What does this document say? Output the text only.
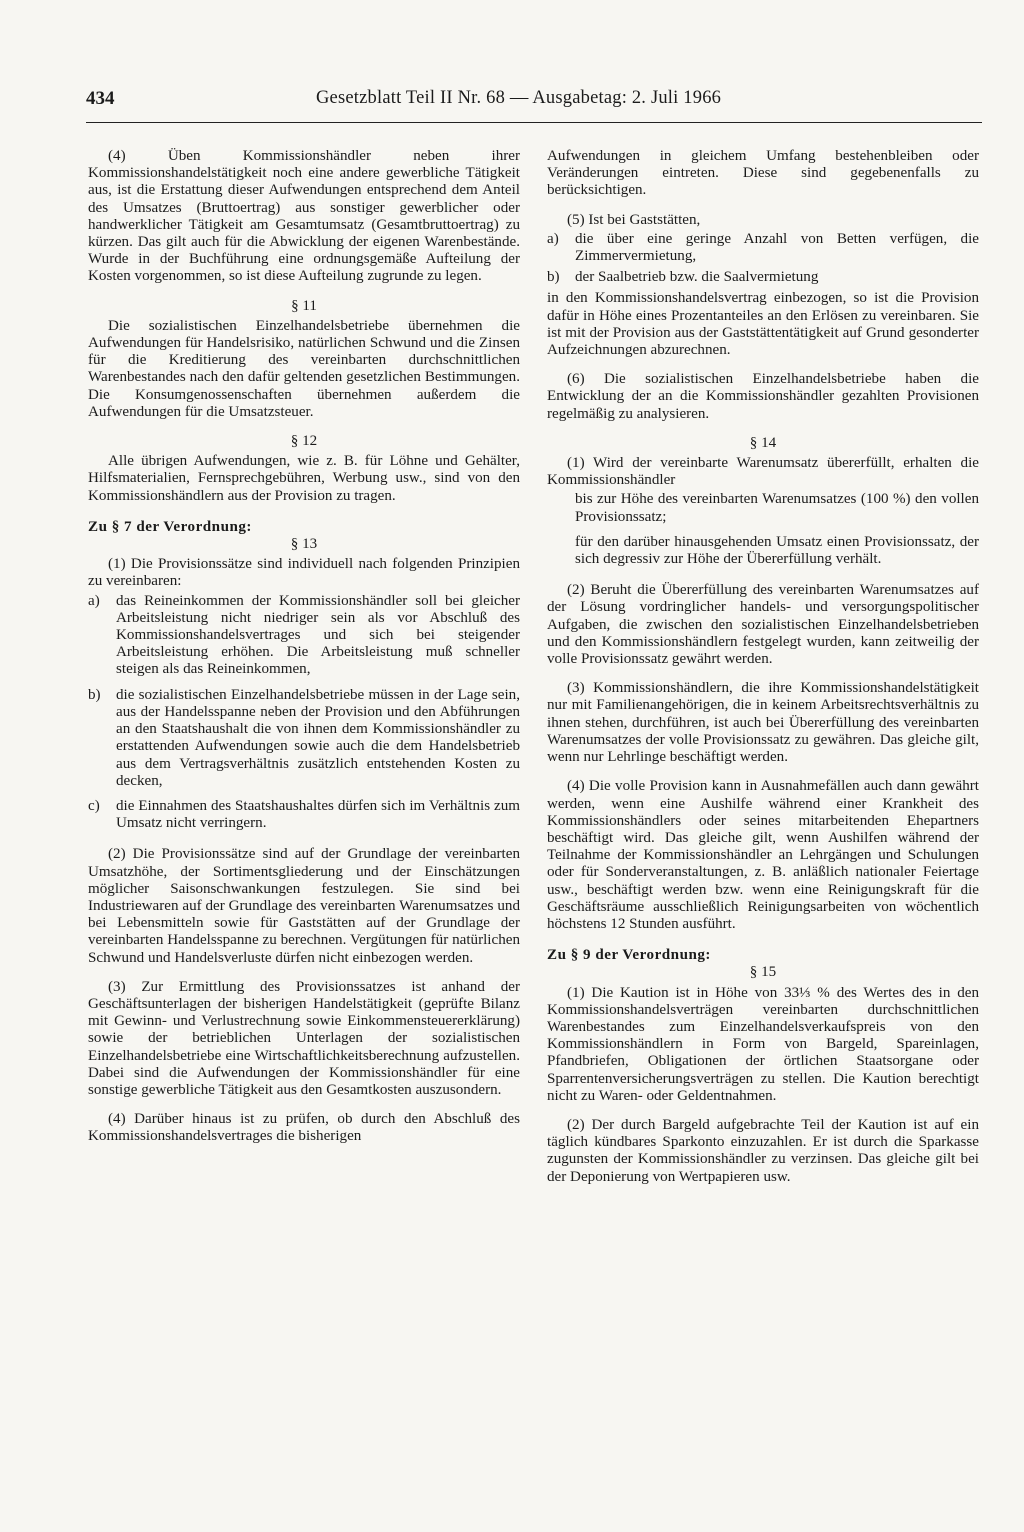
434	Gesetzblatt Teil II Nr. 68 — Ausgabetag: 2. Juli 1966

(4) Üben Kommissionshändler neben ihrer Kommissionshandelstätigkeit noch eine andere gewerbliche Tätigkeit aus, ist die Erstattung dieser Aufwendungen entsprechend dem Anteil des Umsatzes (Bruttoertrag) aus sonstiger gewerblicher oder handwerklicher Tätigkeit am Gesamtumsatz (Gesamtbruttoertrag) zu kürzen. Das gilt auch für die Abwicklung der eigenen Warenbestände. Wurde in der Buchführung eine ordnungsgemäße Aufteilung der Kosten vorgenommen, so ist diese Aufteilung zugrunde zu legen.

§ 11

Die sozialistischen Einzelhandelsbetriebe übernehmen die Aufwendungen für Handelsrisiko, natürlichen Schwund und die Zinsen für die Kreditierung des vereinbarten durchschnittlichen Warenbestandes nach den dafür geltenden gesetzlichen Bestimmungen. Die Konsumgenossenschaften übernehmen außerdem die Aufwendungen für die Umsatzsteuer.

§ 12

Alle übrigen Aufwendungen, wie z. B. für Löhne und Gehälter, Hilfsmaterialien, Fernsprechgebühren, Werbung usw., sind von den Kommissionshändlern aus der Provision zu tragen.

Zu § 7 der Verordnung:
§ 13

(1) Die Provisionssätze sind individuell nach folgenden Prinzipien zu vereinbaren:

a) das Reineinkommen der Kommissionshändler soll bei gleicher Arbeitsleistung nicht niedriger sein als vor Abschluß des Kommissionshandelsvertrages und sich bei steigender Arbeitsleistung erhöhen. Die Arbeitsleistung muß schneller steigen als das Reineinkommen,
b) die sozialistischen Einzelhandelsbetriebe müssen in der Lage sein, aus der Handelsspanne neben der Provision und den Abführungen an den Staatshaushalt die von ihnen dem Kommissionshändler zu erstattenden Aufwendungen sowie auch die dem Handelsbetrieb aus dem Vertragsverhältnis zusätzlich entstehenden Kosten zu decken,
c) die Einnahmen des Staatshaushaltes dürfen sich im Verhältnis zum Umsatz nicht verringern.

(2) Die Provisionssätze sind auf der Grundlage der vereinbarten Umsatzhöhe, der Sortimentsgliederung und der Einschätzungen möglicher Saisonschwankungen festzulegen. Sie sind bei Industriewaren auf der Grundlage des vereinbarten Warenumsatzes und bei Lebensmitteln sowie für Gaststätten auf der Grundlage der vereinbarten Handelsspanne zu berechnen. Vergütungen für natürlichen Schwund und Handelsverluste dürfen nicht einbezogen werden.

(3) Zur Ermittlung des Provisionssatzes ist anhand der Geschäftsunterlagen der bisherigen Handelstätigkeit (geprüfte Bilanz mit Gewinn- und Verlustrechnung sowie Einkommensteuererklärung) sowie der betrieblichen Unterlagen der sozialistischen Einzelhandelsbetriebe eine Wirtschaftlichkeitsberechnung aufzustellen. Dabei sind die Aufwendungen der Kommissionshändler für eine sonstige gewerbliche Tätigkeit aus den Gesamtkosten auszusondern.

(4) Darüber hinaus ist zu prüfen, ob durch den Abschluß des Kommissionshandelsvertrages die bisherigen

Aufwendungen in gleichem Umfang bestehenbleiben oder Veränderungen eintreten. Diese sind gegebenenfalls zu berücksichtigen.

(5) Ist bei Gaststätten,

a) die über eine geringe Anzahl von Betten verfügen, die Zimmervermietung,
b) der Saalbetrieb bzw. die Saalvermietung

in den Kommissionshandelsvertrag einbezogen, so ist die Provision dafür in Höhe eines Prozentanteiles an den Erlösen zu vereinbaren. Sie ist mit der Provision aus der Gaststättentätigkeit auf Grund gesonderter Aufzeichnungen abzurechnen.

(6) Die sozialistischen Einzelhandelsbetriebe haben die Entwicklung der an die Kommissionshändler gezahlten Provisionen regelmäßig zu analysieren.

§ 14

(1) Wird der vereinbarte Warenumsatz übererfüllt, erhalten die Kommissionshändler

bis zur Höhe des vereinbarten Warenumsatzes (100 %) den vollen Provisionssatz;
für den darüber hinausgehenden Umsatz einen Provisionssatz, der sich degressiv zur Höhe der Übererfüllung verhält.

(2) Beruht die Übererfüllung des vereinbarten Warenumsatzes auf der Lösung vordringlicher handels- und versorgungspolitischer Aufgaben, die zwischen den sozialistischen Einzelhandelsbetrieben und den Kommissionshändlern festgelegt wurden, kann zeitweilig der volle Provisionssatz gewährt werden.

(3) Kommissionshändlern, die ihre Kommissionshandelstätigkeit nur mit Familienangehörigen, die in keinem Arbeitsrechtsverhältnis zu ihnen stehen, durchführen, ist auch bei Übererfüllung des vereinbarten Warenumsatzes der volle Provisionssatz zu gewähren. Das gleiche gilt, wenn nur Lehrlinge beschäftigt werden.

(4) Die volle Provision kann in Ausnahmefällen auch dann gewährt werden, wenn eine Aushilfe während einer Krankheit des Kommissionshändlers oder seines mitarbeitenden Ehepartners beschäftigt wird. Das gleiche gilt, wenn Aushilfen während der Teilnahme der Kommissionshändler an Lehrgängen und Schulungen oder für Sonderveranstaltungen, z. B. anläßlich nationaler Feiertage usw., beschäftigt werden bzw. wenn eine Reinigungskraft für die Geschäftsräume ausschließlich Reinigungsarbeiten von wöchentlich höchstens 12 Stunden ausführt.

Zu § 9 der Verordnung:
§ 15

(1) Die Kaution ist in Höhe von 33⅓ % des Wertes des in den Kommissionshandelsverträgen vereinbarten durchschnittlichen Warenbestandes zum Einzelhandelsverkaufspreis von den Kommissionshändlern in Form von Bargeld, Spareinlagen, Pfandbriefen, Obligationen der örtlichen Staatsorgane oder Sparrentenversicherungsverträgen zu stellen. Die Kaution berechtigt nicht zu Waren- oder Geldentnahmen.

(2) Der durch Bargeld aufgebrachte Teil der Kaution ist auf ein täglich kündbares Sparkonto einzuzahlen. Er ist durch die Sparkasse zugunsten der Kommissionshändler zu verzinsen. Das gleiche gilt bei der Deponierung von Wertpapieren usw.
